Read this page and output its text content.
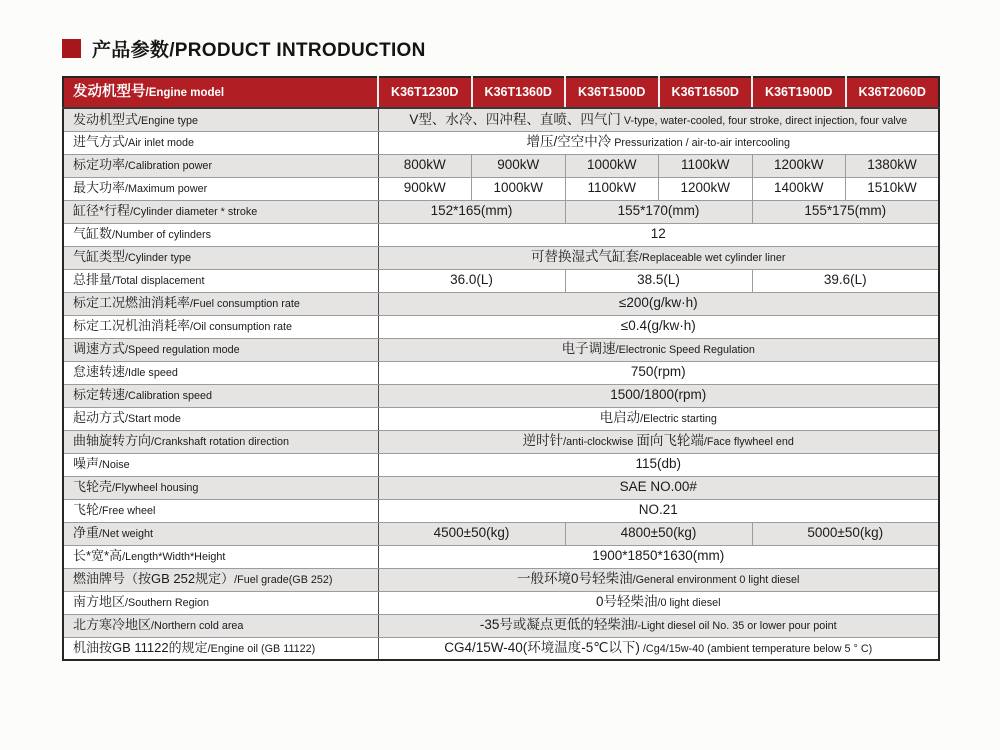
产品参数/PRODUCT INTRODUCTION
发动机型号/Engine model	K36T1230D	K36T1360D	K36T1500D	K36T1650D	K36T1900D	K36T2060D
发动机型式/Engine type	V型、水冷、四冲程、直喷、四气门 V-type, water-cooled, four stroke, direct injection, four valve					
进气方式/Air inlet mode	增压/空空中冷 Pressurization / air-to-air intercooling					
标定功率/Calibration power	800kW	900kW	1000kW	1100kW	1200kW	1380kW
最大功率/Maximum power	900kW	1000kW	1100kW	1200kW	1400kW	1510kW
缸径*行程/Cylinder diameter * stroke	152*165(mm)		155*170(mm)		155*175(mm)	
气缸数/Number of cylinders	12					
气缸类型/Cylinder type	可替换湿式气缸套/Replaceable wet cylinder liner					
总排量/Total displacement	36.0(L)		38.5(L)		39.6(L)	
标定工况燃油消耗率/Fuel consumption rate	≤200(g/kw·h)					
标定工况机油消耗率/Oil consumption rate	≤0.4(g/kw·h)					
调速方式/Speed regulation mode	电子调速/Electronic Speed Regulation					
怠速转速/Idle speed	750(rpm)					
标定转速/Calibration speed	1500/1800(rpm)					
起动方式/Start mode	电启动/Electric starting					
曲轴旋转方向/Crankshaft rotation direction	逆时针/anti-clockwise 面向飞轮端/Face flywheel end					
噪声/Noise	115(db)					
飞轮壳/Flywheel housing	SAE NO.00#					
飞轮/Free wheel	NO.21					
净重/Net weight	4500±50(kg)		4800±50(kg)		5000±50(kg)	
长*宽*高/Length*Width*Height	1900*1850*1630(mm)					
燃油牌号（按GB 252规定）/Fuel grade(GB 252)	一般环境0号轻柴油/General environment 0 light diesel					
南方地区/Southern Region	0号轻柴油/0 light diesel					
北方寒冷地区/Northern cold area	-35号或凝点更低的轻柴油/-Light diesel oil No. 35 or lower pour point					
机油按GB 11122的规定/Engine oil (GB 11122)	CG4/15W-40(环境温度-5℃以下) /Cg4/15w-40 (ambient temperature below 5 ° C)					
